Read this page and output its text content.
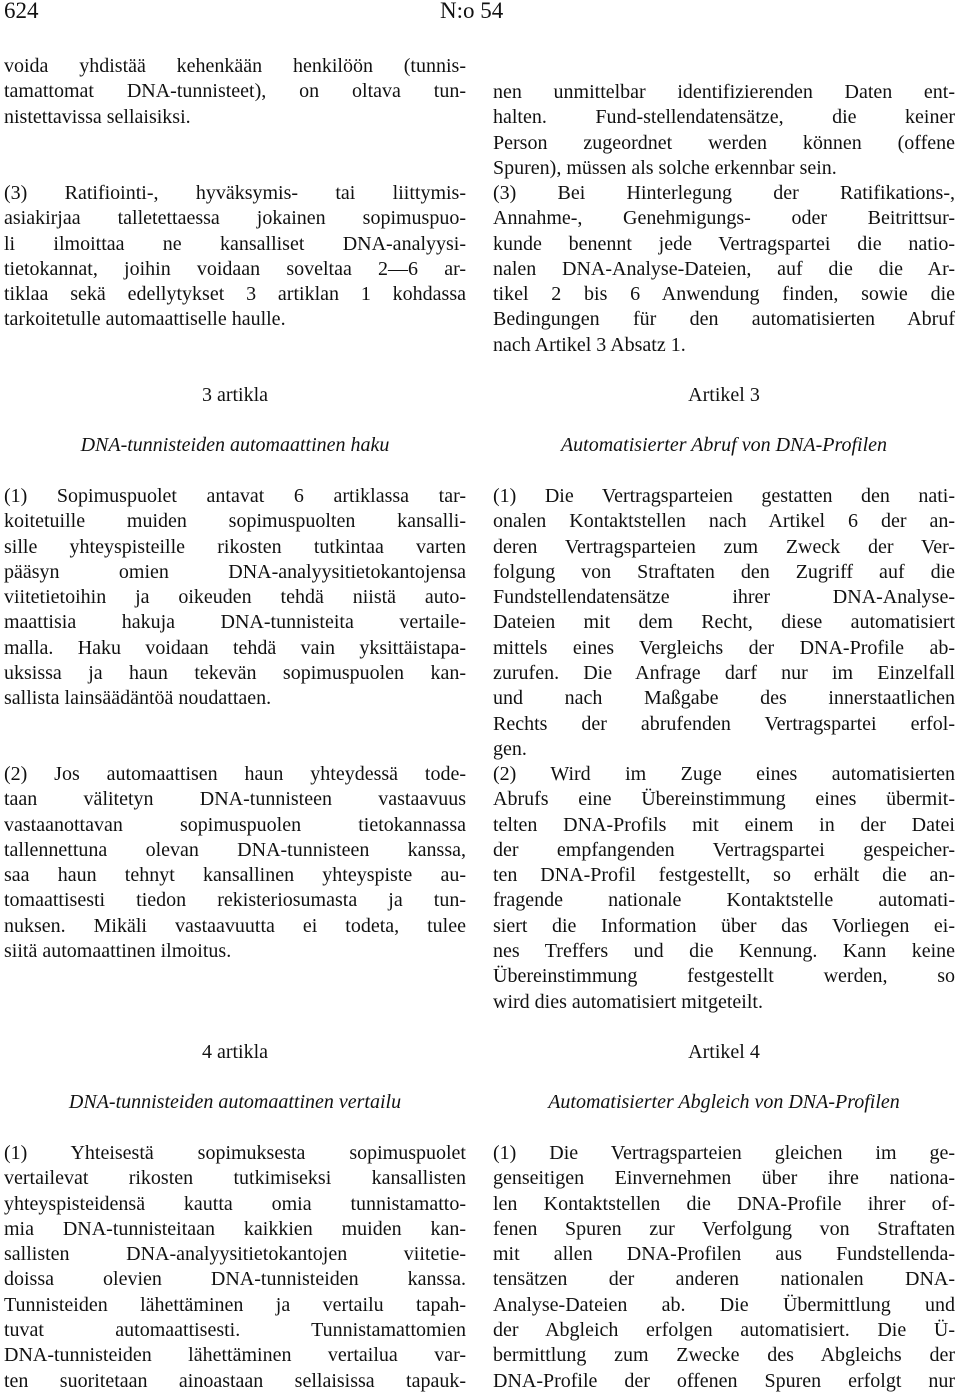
624	N:o 54
voida yhdistää kehenkään henkilöön (tunnis-
tamattomat DNA-tunnisteet), on oltava tun-
nistettavissa sellaisiksi.
(3) Ratifiointi-, hyväksymis- tai liittymis-
asiakirjaa talletettaessa jokainen sopimuspuo-
li ilmoittaa ne kansalliset DNA-analyysi-
tietokannat, joihin voidaan soveltaa 2—6 ar-
tiklaa sekä edellytykset 3 artiklan 1 kohdassa
tarkoitetulle automaattiselle haulle.
3 artikla
DNA-tunnisteiden automaattinen haku
(1) Sopimuspuolet antavat 6 artiklassa tar-
koitetuille muiden sopimuspuolten kansalli-
sille yhteyspisteille rikosten tutkintaa varten
pääsyn omien DNA-analyysitietokantojensa
viitetietoihin ja oikeuden tehdä niistä auto-
maattisia hakuja DNA-tunnisteita vertaile-
malla. Haku voidaan tehdä vain yksittäistapa-
uksissa ja haun tekevän sopimuspuolen kan-
sallista lainsäädäntöä noudattaen.
(2) Jos automaattisen haun yhteydessä tode-
taan välitetyn DNA-tunnisteen vastaavuus
vastaanottavan sopimuspuolen tietokannassa
tallennettuna olevan DNA-tunnisteen kanssa,
saa haun tehnyt kansallinen yhteyspiste au-
tomaattisesti tiedon rekisteriosumasta ja tun-
nuksen. Mikäli vastaavuutta ei todeta, tulee
siitä automaattinen ilmoitus.
4 artikla
DNA-tunnisteiden automaattinen vertailu
(1) Yhteisestä sopimuksesta sopimuspuolet
vertailevat rikosten tutkimiseksi kansallisten
yhteyspisteidensä kautta omia tunnistamatto-
mia DNA-tunnisteitaan kaikkien muiden kan-
sallisten DNA-analyysitietokantojen viitetie-
doissa olevien DNA-tunnisteiden kanssa.
Tunnisteiden lähettäminen ja vertailu tapah-
tuvat automaattisesti. Tunnistamattomien
DNA-tunnisteiden lähettäminen vertailua var-
ten suoritetaan ainoastaan sellaisissa tapauk-
nen unmittelbar identifizierenden Daten ent-
halten. Fund-stellendatensätze, die keiner
Person zugeordnet werden können (offene
Spuren), müssen als solche erkennbar sein.
(3) Bei Hinterlegung der Ratifikations-,
Annahme-, Genehmigungs- oder Beitrittsur-
kunde benennt jede Vertragspartei die natio-
nalen DNA-Analyse-Dateien, auf die die Ar-
tikel 2 bis 6 Anwendung finden, sowie die
Bedingungen für den automatisierten Abruf
nach Artikel 3 Absatz 1.
Artikel 3
Automatisierter Abruf von DNA-Profilen
(1) Die Vertragsparteien gestatten den nati-
onalen Kontaktstellen nach Artikel 6 der an-
deren Vertragsparteien zum Zweck der Ver-
folgung von Straftaten den Zugriff auf die
Fundstellendatensätze ihrer DNA-Analyse-
Dateien mit dem Recht, diese automatisiert
mittels eines Vergleichs der DNA-Profile ab-
zurufen. Die Anfrage darf nur im Einzelfall
und nach Maßgabe des innerstaatlichen
Rechts der abrufenden Vertragspartei erfol-
gen.
(2) Wird im Zuge eines automatisierten
Abrufs eine Übereinstimmung eines übermit-
telten DNA-Profils mit einem in der Datei
der empfangenden Vertragspartei gespeicher-
ten DNA-Profil festgestellt, so erhält die an-
fragende nationale Kontaktstelle automati-
siert die Information über das Vorliegen ei-
nes Treffers und die Kennung. Kann keine
Übereinstimmung festgestellt werden, so
wird dies automatisiert mitgeteilt.
Artikel 4
Automatisierter Abgleich von DNA-Profilen
(1) Die Vertragsparteien gleichen im ge-
genseitigen Einvernehmen über ihre nationa-
len Kontaktstellen die DNA-Profile ihrer of-
fenen Spuren zur Verfolgung von Straftaten
mit allen DNA-Profilen aus Fundstellenda-
tensätzen der anderen nationalen DNA-
Analyse-Dateien ab. Die Übermittlung und
der Abgleich erfolgen automatisiert. Die Ü-
bermittlung zum Zwecke des Abgleichs der
DNA-Profile der offenen Spuren erfolgt nur
